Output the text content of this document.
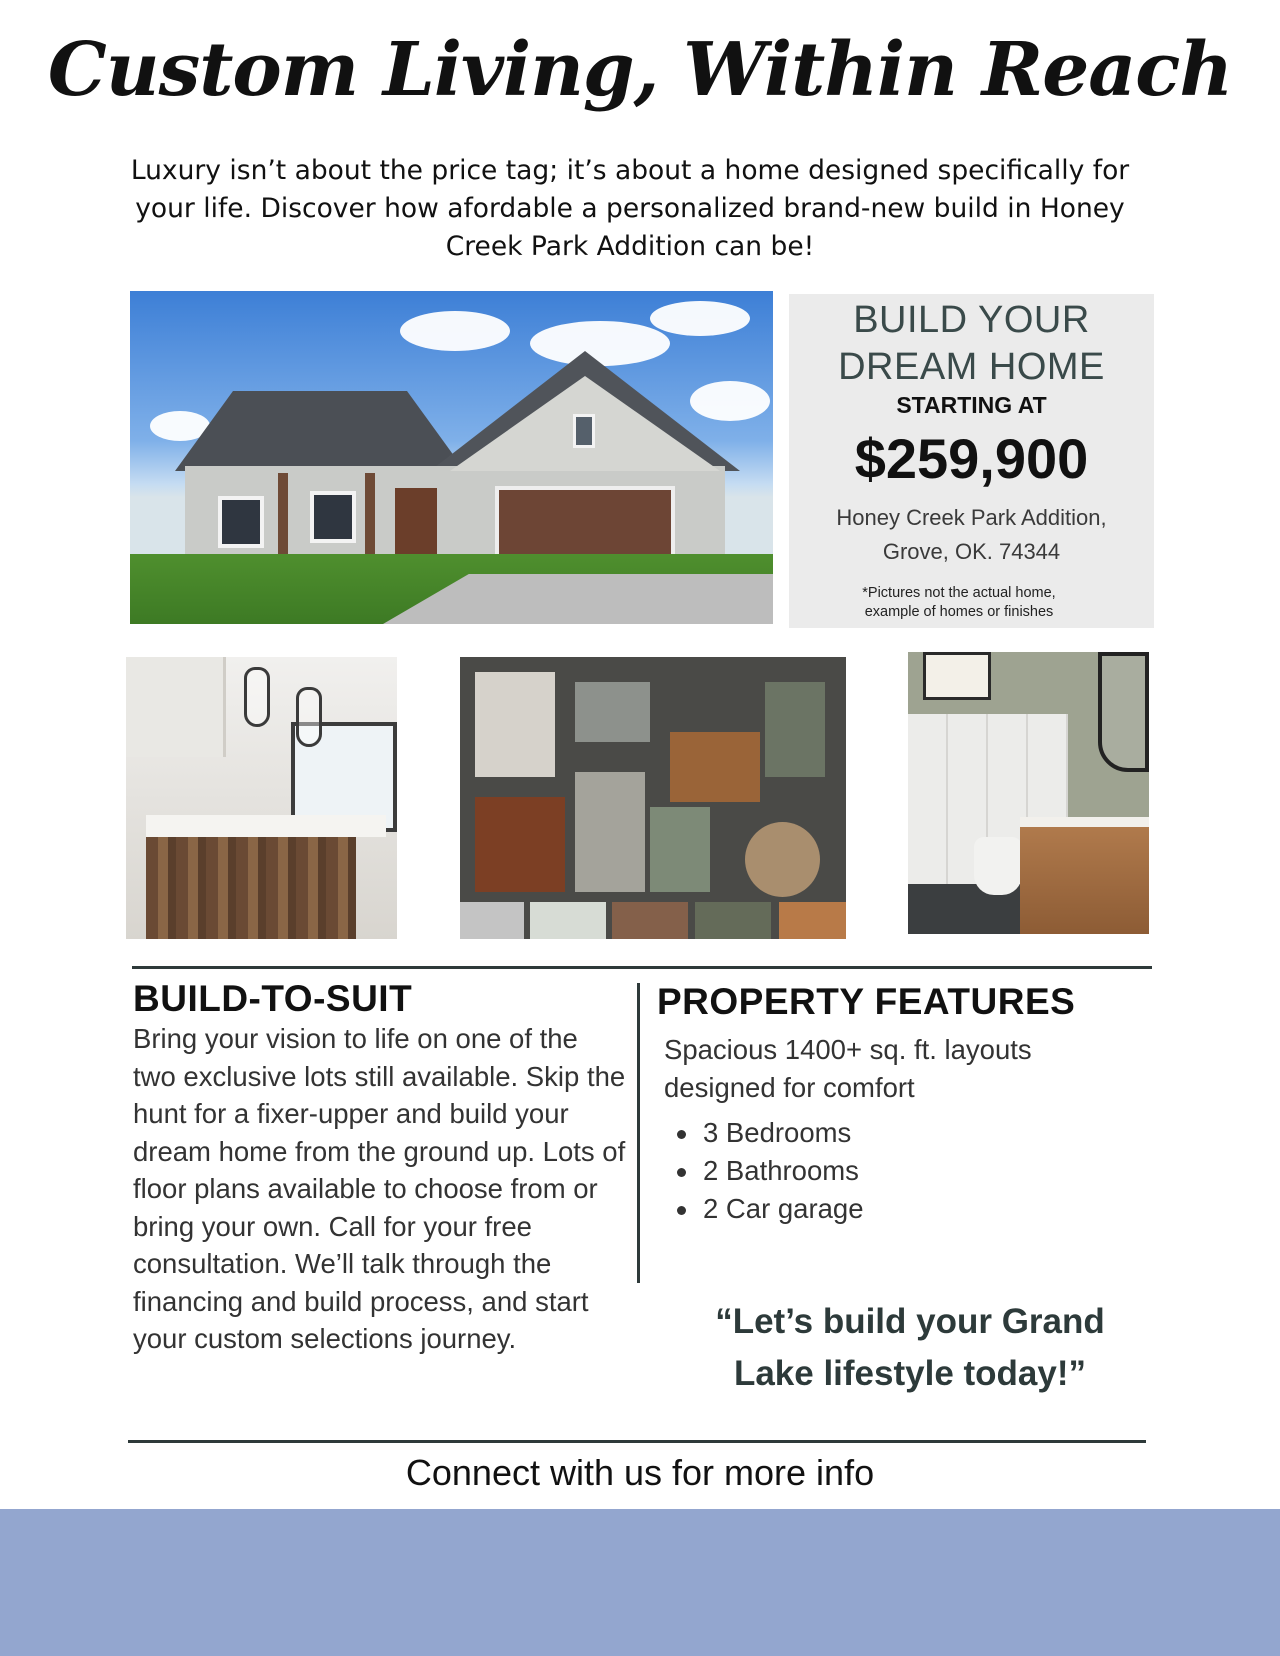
Custom Living, Within Reach
Luxury isn’t about the price tag; it’s about a home designed specifically for your life. Discover how afordable a personalized brand-new build in Honey Creek Park Addition can be!
BUILD YOUR
DREAM HOME
STARTING AT
$259,900
Honey Creek Park Addition,
Grove, OK. 74344
*Pictures not the actual home,
example of homes or finishes
BUILD-TO-SUIT
Bring your vision to life on one of the two exclusive lots still available. Skip the hunt for a fixer-upper and build your dream home from the ground up. Lots of floor plans available to choose from or bring your own. Call for your free consultation. We’ll talk through the financing and build process, and start your custom selections journey.
PROPERTY FEATURES
Spacious 1400+ sq. ft. layouts designed for comfort
3 Bedrooms
2 Bathrooms
2 Car garage
“Let’s build your Grand Lake lifestyle today!”
Connect with us for more info
